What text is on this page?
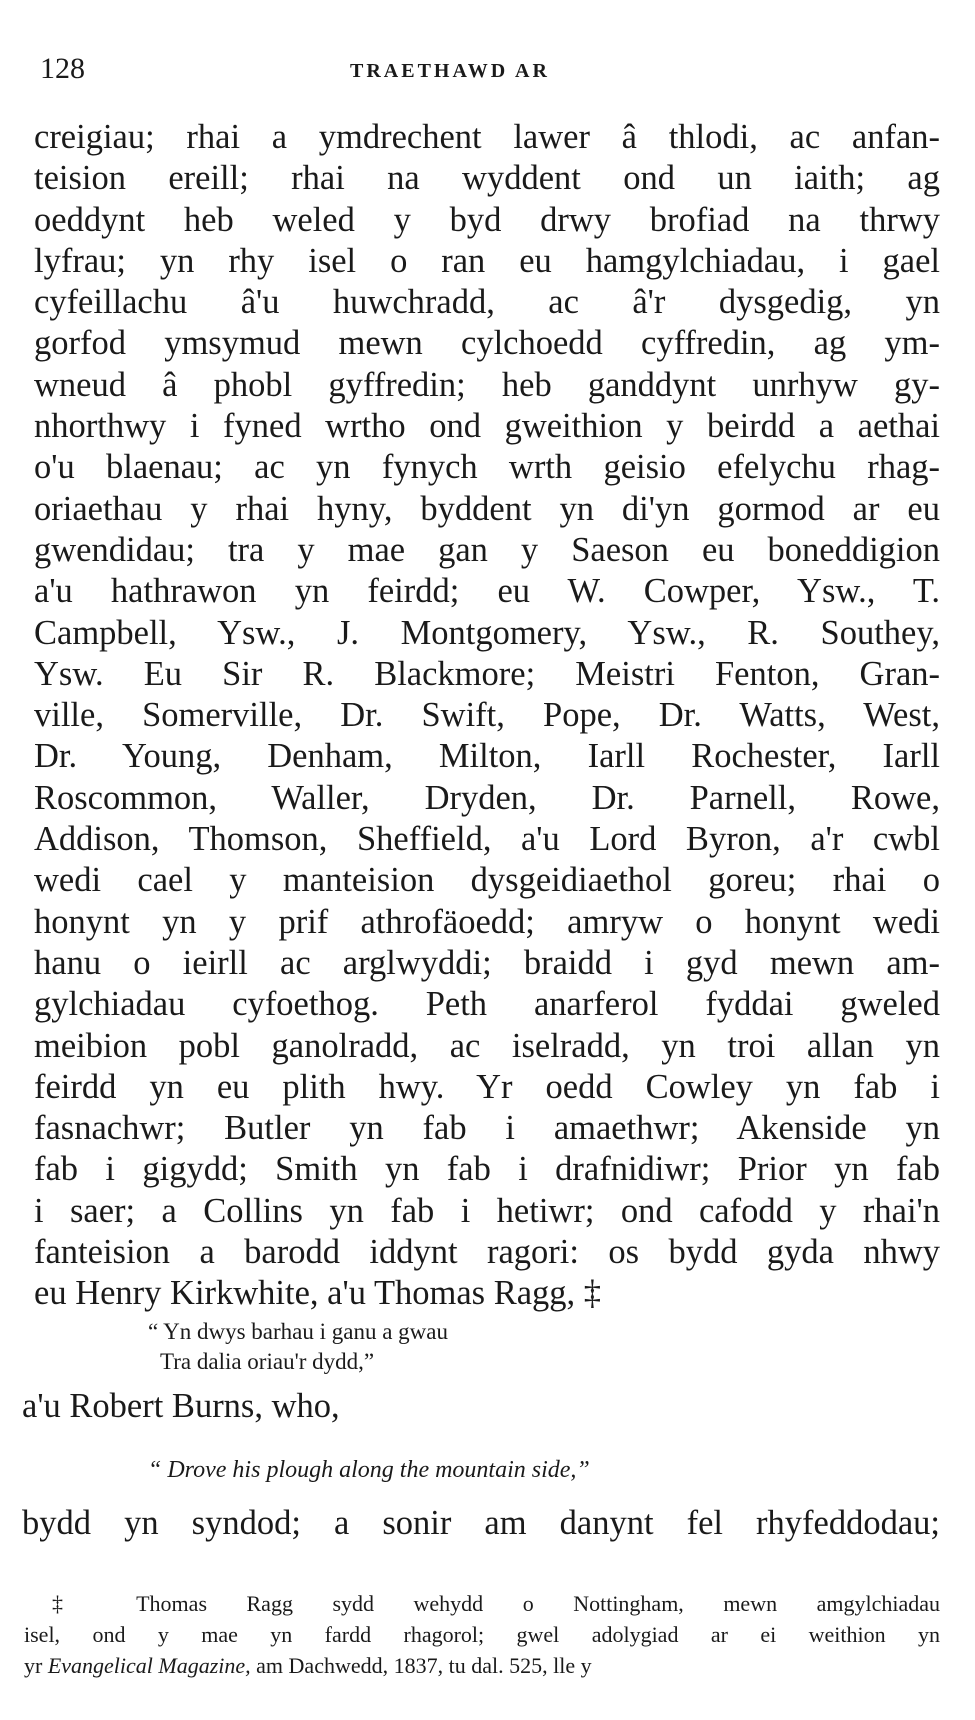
128	TRAETHAWD AR
creigiau; rhai a ymdrechent lawer â thlodi, ac anfan-
teision ereill; rhai na wyddent ond un iaith; ag
oeddynt heb weled y byd drwy brofiad na thrwy
lyfrau; yn rhy isel o ran eu hamgylchiadau, i gael
cyfeillachu â'u huwchradd, ac â'r dysgedig, yn
gorfod ymsymud mewn cylchoedd cyffredin, ag ym-
wneud â phobl gyffredin; heb ganddynt unrhyw gy-
nhorthwy i fyned wrtho ond gweithion y beirdd a aethai
o'u blaenau; ac yn fynych wrth geisio efelychu rhag-
oriaethau y rhai hyny, byddent yn di'yn gormod ar eu
gwendidau; tra y mae gan y Saeson eu boneddigion
a'u hathrawon yn feirdd; eu W. Cowper, Ysw., T.
Campbell, Ysw., J. Montgomery, Ysw., R. Southey,
Ysw. Eu Sir R. Blackmore; Meistri Fenton, Gran-
ville, Somerville, Dr. Swift, Pope, Dr. Watts, West,
Dr. Young, Denham, Milton, Iarll Rochester, Iarll
Roscommon, Waller, Dryden, Dr. Parnell, Rowe,
Addison, Thomson, Sheffield, a'u Lord Byron, a'r cwbl
wedi cael y manteision dysgeidiaethol goreu; rhai o
honynt yn y prif athrofäoedd; amryw o honynt wedi
hanu o ieirll ac arglwyddi; braidd i gyd mewn am-
gylchiadau cyfoethog. Peth anarferol fyddai gweled
meibion pobl ganolradd, ac iselradd, yn troi allan yn
feirdd yn eu plith hwy. Yr oedd Cowley yn fab i
fasnachwr; Butler yn fab i amaethwr; Akenside yn
fab i gigydd; Smith yn fab i drafnidiwr; Prior yn fab
i saer; a Collins yn fab i hetiwr; ond cafodd y rhai'n
fanteision a barodd iddynt ragori: os bydd gyda nhwy
eu Henry Kirkwhite, a'u Thomas Ragg, ‡
“ Yn dwys barhau i ganu a gwau
Tra dalia oriau'r dydd,”
a'u Robert Burns, who,
“ Drove his plough along the mountain side,”
bydd yn syndod; a sonir am danynt fel rhyfeddodau;
‡ Thomas Ragg sydd wehydd o Nottingham, mewn amgylchiadau
isel, ond y mae yn fardd rhagorol; gwel adolygiad ar ei weithion yn
yr Evangelical Magazine, am Dachwedd, 1837, tu dal. 525, lle y
